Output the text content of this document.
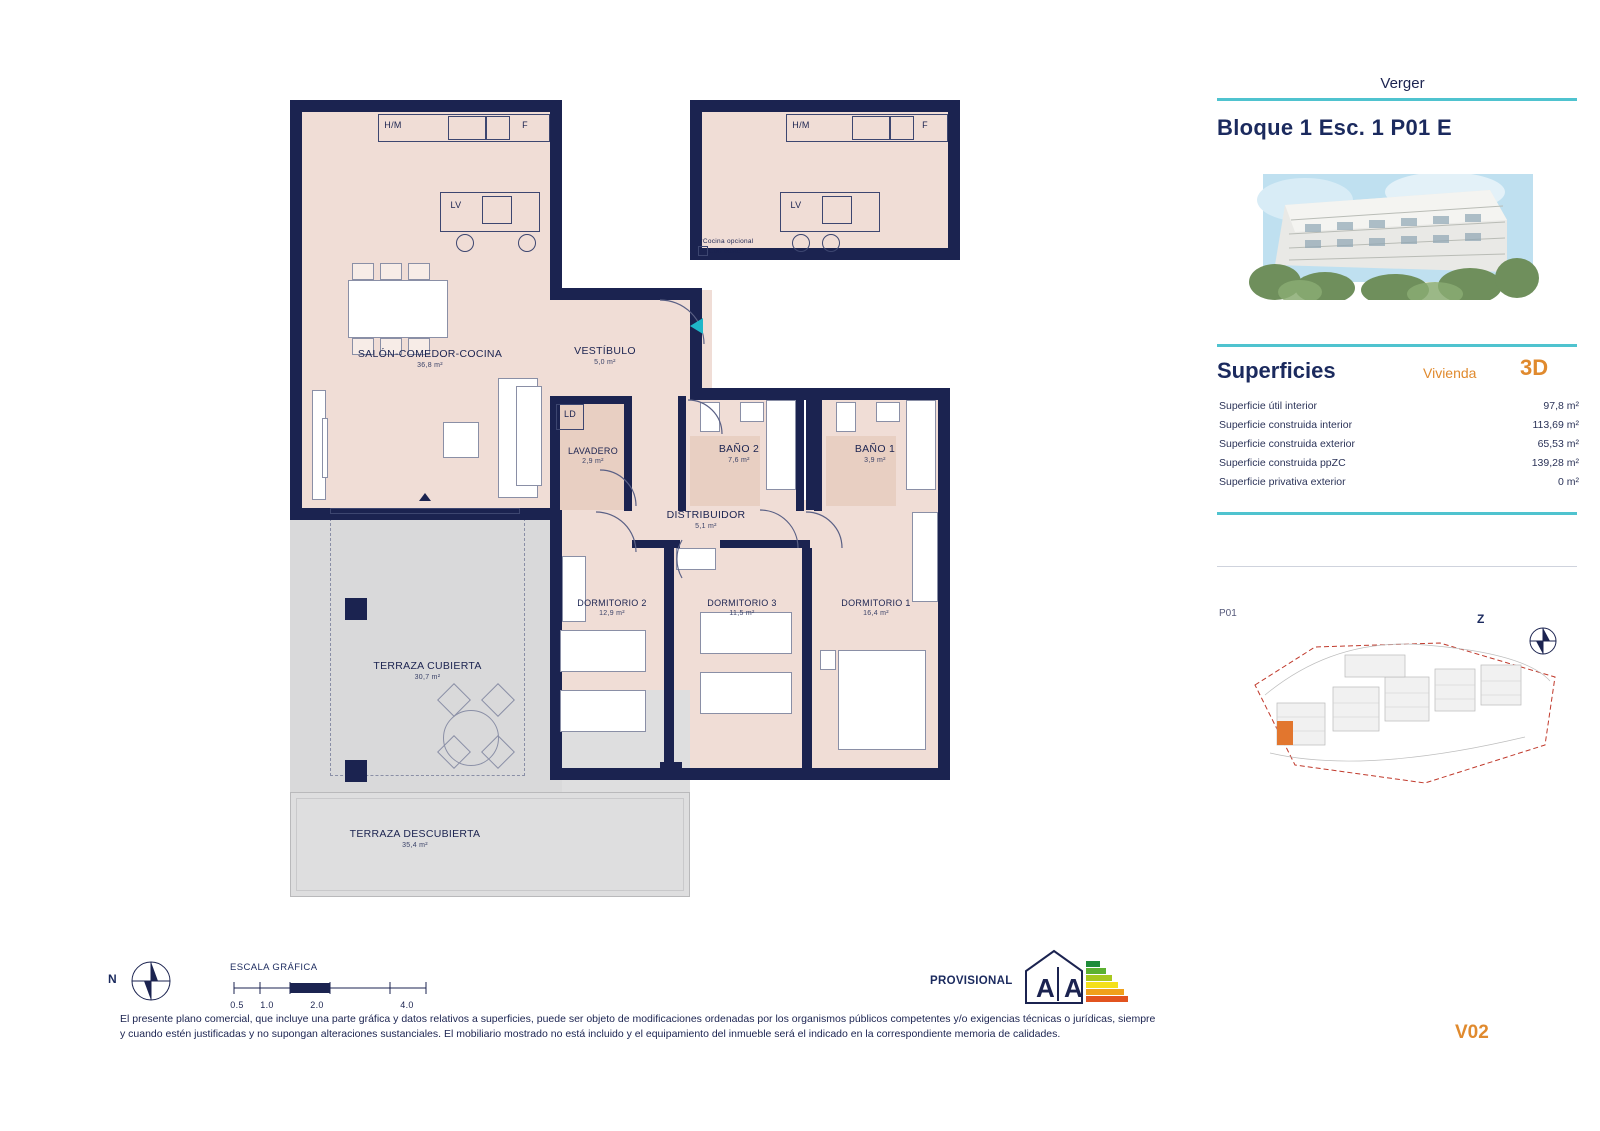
H/M	F
LV
H/M	F
LV
*Cocina opcional
Con coste.
LD
SALÓN-COMEDOR-COCINA
36,8 m²
VESTÍBULO
5,0 m²
LAVADERO
2,9 m²
DISTRIBUIDOR
5,1 m²
BAÑO 2
7,6 m²
BAÑO 1
3,9 m²
DORMITORIO 2
12,9 m²
DORMITORIO 3
11,5 m²
DORMITORIO 1
16,4 m²
TERRAZA CUBIERTA
30,7 m²
TERRAZA DESCUBIERTA
35,4 m²
Verger
Bloque 1 Esc. 1 P01 E
Superficies	Vivienda 3D
Superficie útil interior	97,8 m²
Superficie construida interior	113,69 m²
Superficie construida exterior	65,53 m²
Superficie construida ppZC	139,28 m²
Superficie privativa exterior	0 m²
P01	Z
N
ESCALA GRÁFICA
0.5	1.0	2.0	4.0
PROVISIONAL A A
El presente plano comercial, que incluye una parte gráfica y datos relativos a superficies, puede ser objeto de modificaciones ordenadas por los organismos públicos competentes y/o exigencias técnicas o jurídicas, siempre y cuando estén justificadas y no supongan alteraciones sustanciales. El mobiliario mostrado no está incluido y el equipamiento del inmueble será el indicado en la correspondiente memoria de calidades.	V02
